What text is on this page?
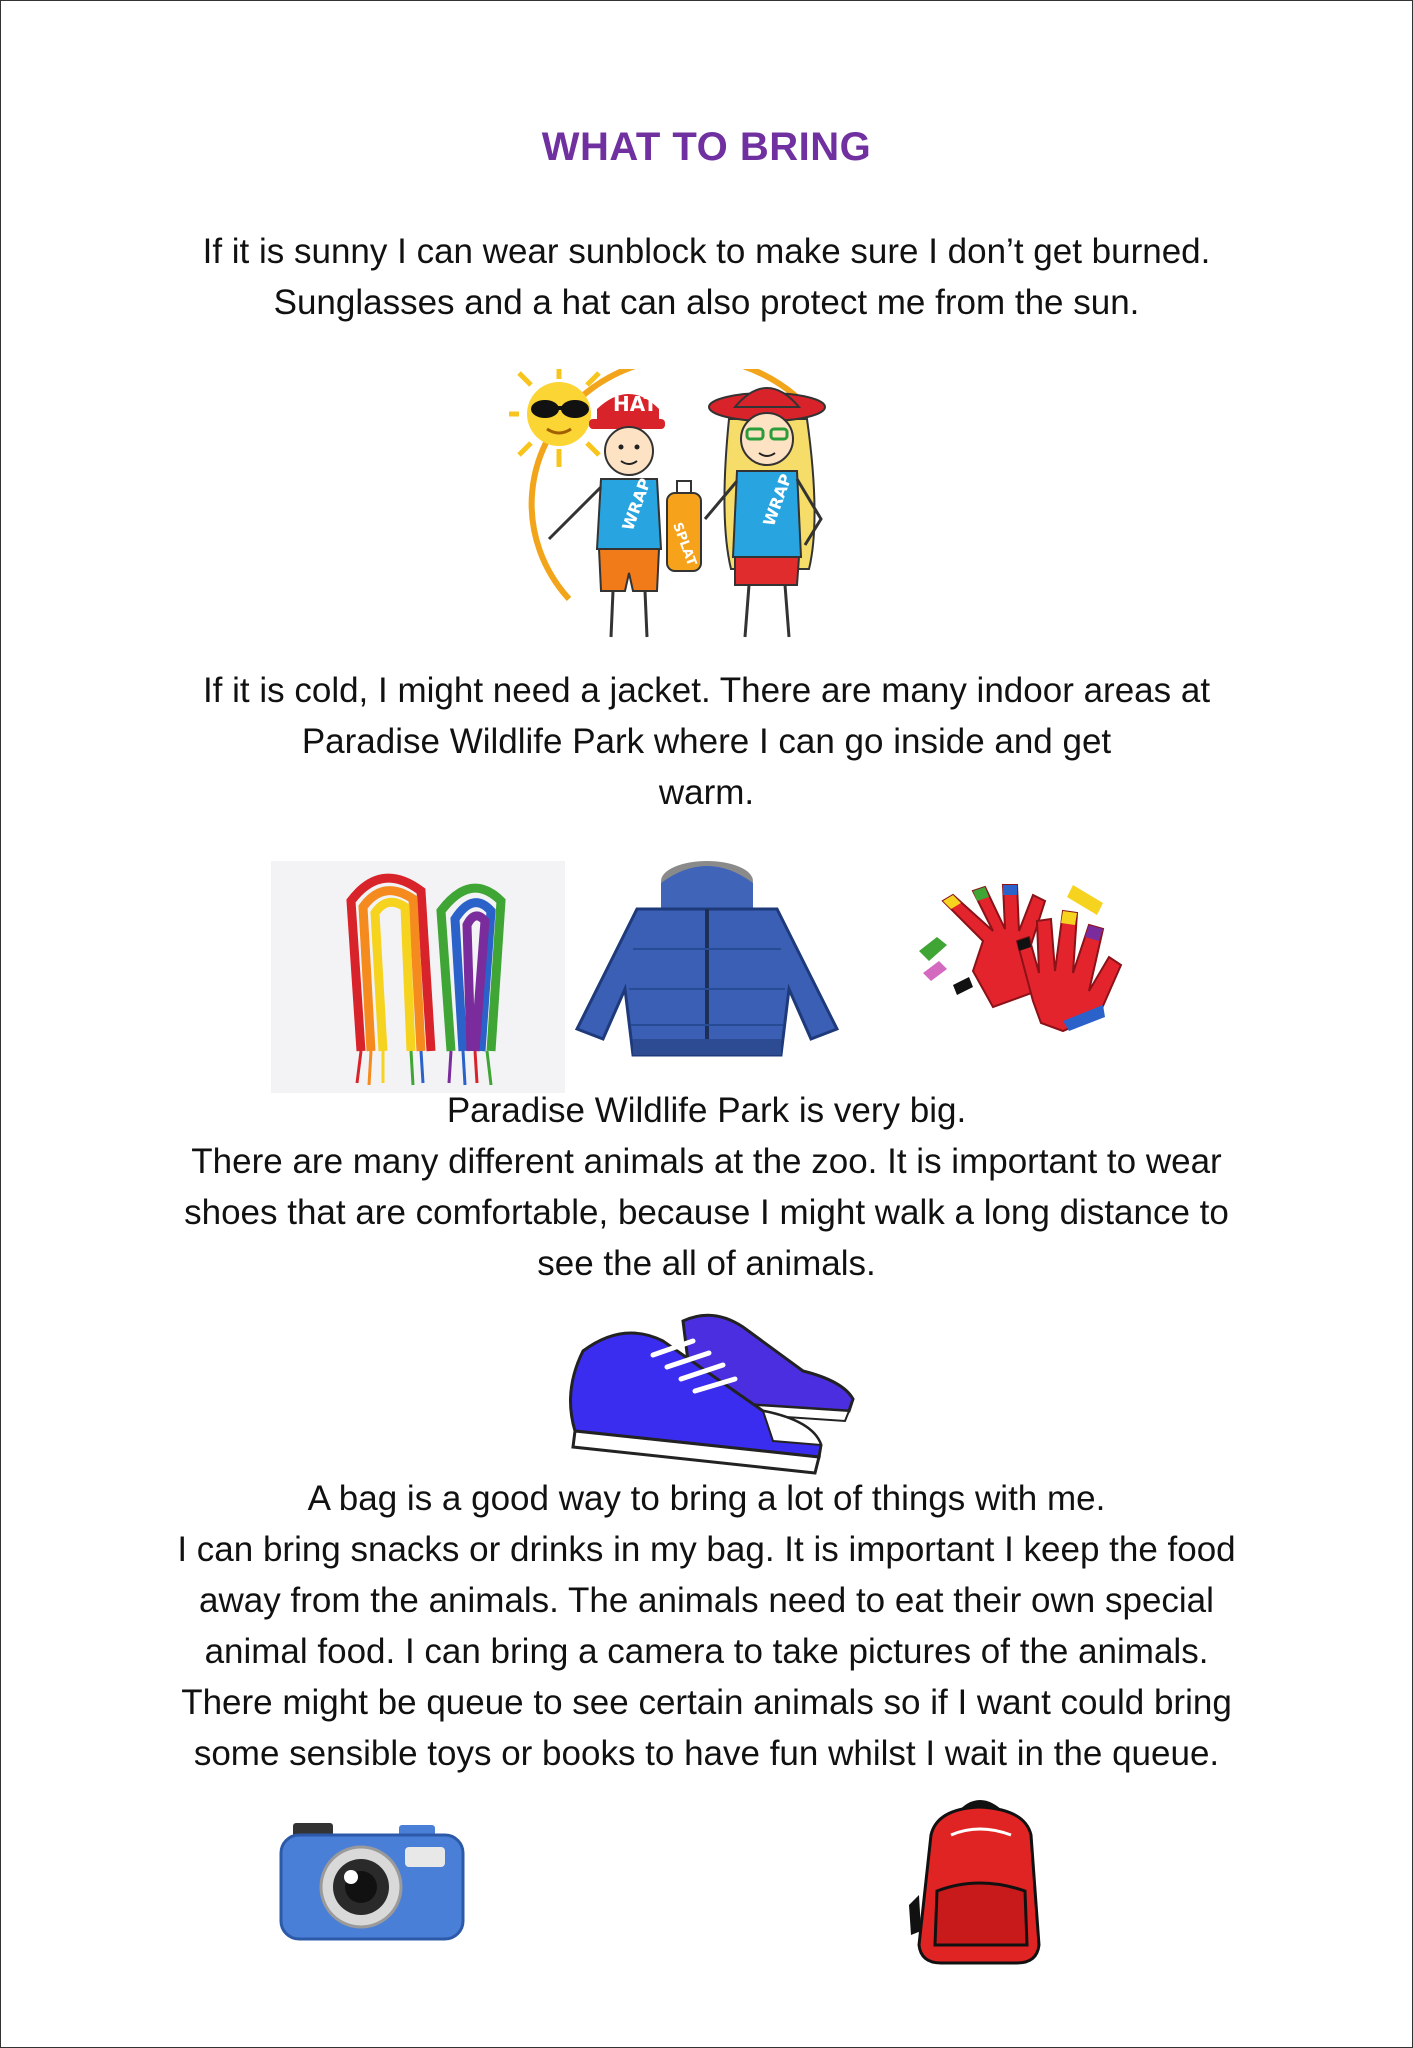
WHAT TO BRING

If it is sunny I can wear sunblock to make sure I don’t get burned.
Sunglasses and a hat can also protect me from the sun.

HAT
WRAP
SPLAT
WRAP

If it is cold, I might need a jacket. There are many indoor areas at
Paradise Wildlife Park where I can go inside and get
warm.

Paradise Wildlife Park is very big.
There are many different animals at the zoo. It is important to wear
shoes that are comfortable, because I might walk a long distance to
see the all of animals.

A bag is a good way to bring a lot of things with me.
I can bring snacks or drinks in my bag. It is important I keep the food
away from the animals. The animals need to eat their own special
animal food. I can bring a camera to take pictures of the animals.
There might be queue to see certain animals so if I want could bring
some sensible toys or books to have fun whilst I wait in the queue.
